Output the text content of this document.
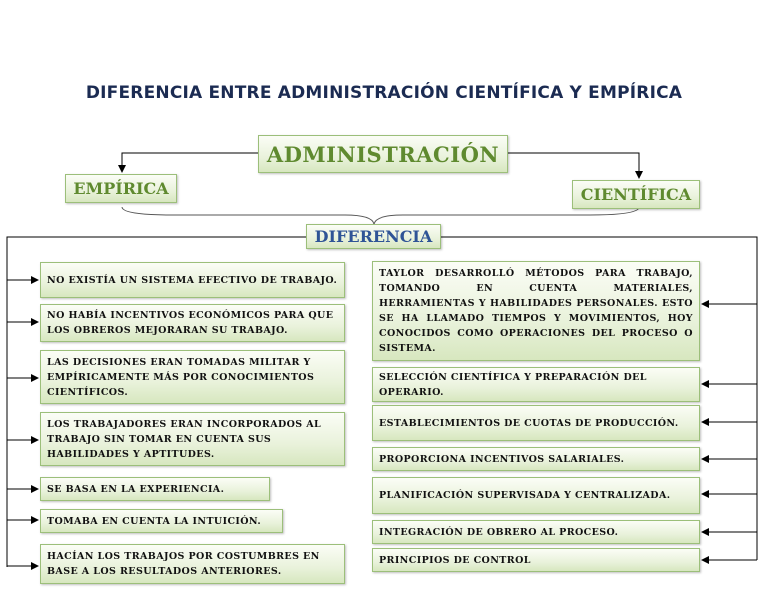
DIFERENCIA ENTRE ADMINISTRACIÓN CIENTÍFICA Y EMPÍRICA
ADMINISTRACIÓN
EMPÍRICA	CIENTÍFICA
DIFERENCIA
NO EXISTÍA UN SISTEMA EFECTIVO DE TRABAJO.
NO HABÍA INCENTIVOS ECONÓMICOS PARA QUE LOS OBREROS MEJORARAN SU TRABAJO.
LAS DECISIONES ERAN TOMADAS MILITAR Y EMPÍRICAMENTE MÁS POR CONOCIMIENTOS CIENTÍFICOS.
LOS TRABAJADORES ERAN INCORPORADOS AL TRABAJO SIN TOMAR EN CUENTA SUS HABILIDADES Y APTITUDES.
SE BASA EN LA EXPERIENCIA.
TOMABA EN CUENTA LA INTUICIÓN.
HACÍAN LOS TRABAJOS POR COSTUMBRES EN BASE A LOS RESULTADOS ANTERIORES.
TAYLOR DESARROLLÓ MÉTODOS PARA TRABAJO, TOMANDO EN CUENTA MATERIALES, HERRAMIENTAS Y HABILIDADES PERSONALES. ESTO SE HA LLAMADO TIEMPOS Y MOVIMIENTOS, HOY CONOCIDOS COMO OPERACIONES DEL PROCESO O SISTEMA.
SELECCIÓN CIENTÍFICA Y PREPARACIÓN DEL OPERARIO.
ESTABLECIMIENTOS DE CUOTAS DE PRODUCCIÓN.
PROPORCIONA INCENTIVOS SALARIALES.
PLANIFICACIÓN SUPERVISADA Y CENTRALIZADA.
INTEGRACIÓN DE OBRERO AL PROCESO.
PRINCIPIOS DE CONTROL
